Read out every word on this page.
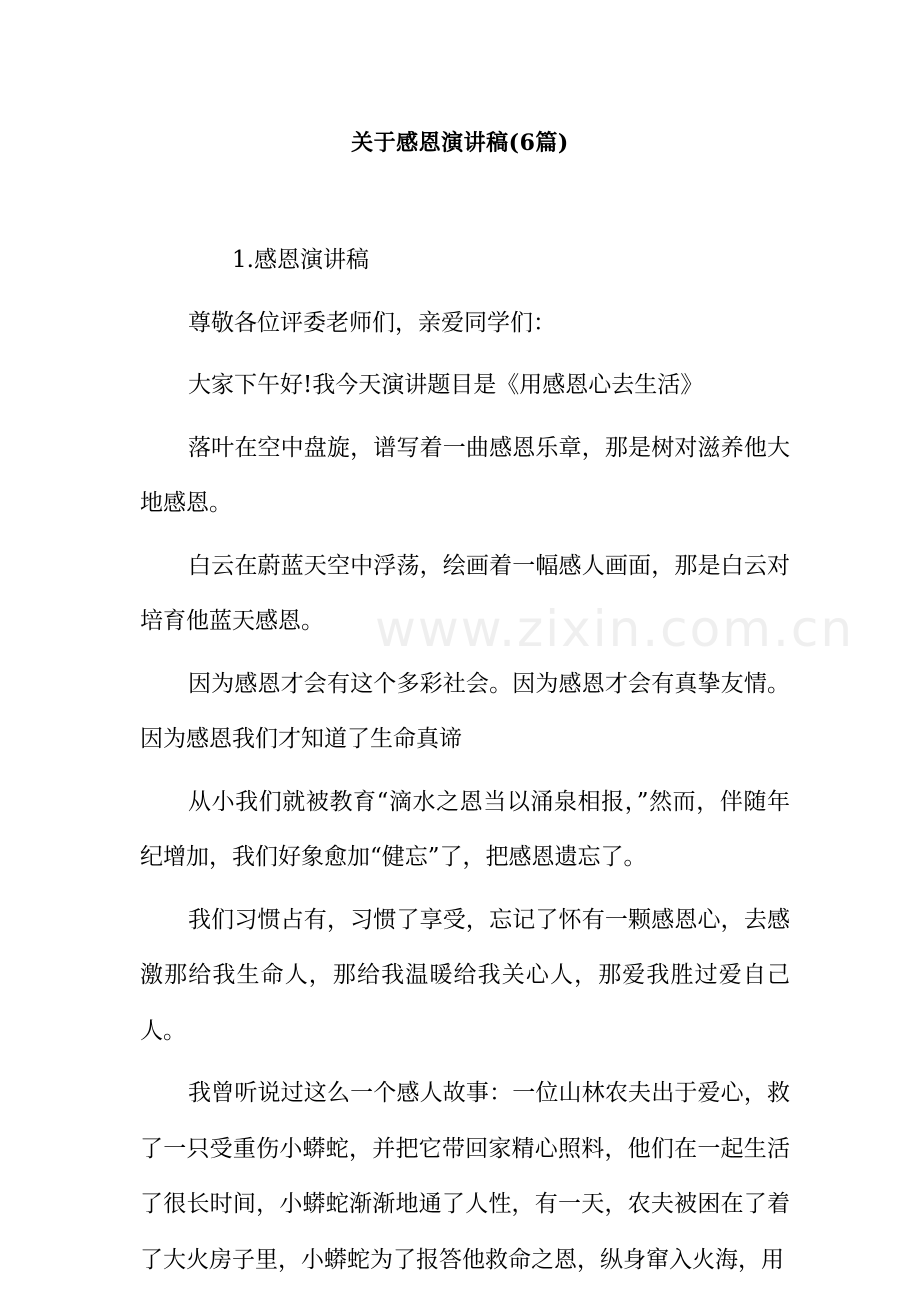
www.zixin.com.cn
关于感恩演讲稿(6篇)

1.感恩演讲稿

尊敬各位评委老师们，亲爱同学们：

大家下午好!我今天演讲题目是《用感恩心去生活》

落叶在空中盘旋，谱写着一曲感恩乐章，那是树对滋养他大地感恩。

白云在蔚蓝天空中浮荡，绘画着一幅感人画面，那是白云对培育他蓝天感恩。

因为感恩才会有这个多彩社会。因为感恩才会有真挚友情。因为感恩我们才知道了生命真谛

从小我们就被教育“滴水之恩当以涌泉相报，”然而，伴随年纪增加，我们好象愈加“健忘”了，把感恩遗忘了。

我们习惯占有，习惯了享受，忘记了怀有一颗感恩心，去感激那给我生命人，那给我温暖给我关心人，那爱我胜过爱自己人。

我曾听说过这么一个感人故事：一位山林农夫出于爱心，救了一只受重伤小蟒蛇，并把它带回家精心照料，他们在一起生活了很长时间，小蟒蛇渐渐地通了人性，有一天，农夫被困在了着了大火房子里，小蟒蛇为了报答他救命之恩，纵身窜入火海，用
